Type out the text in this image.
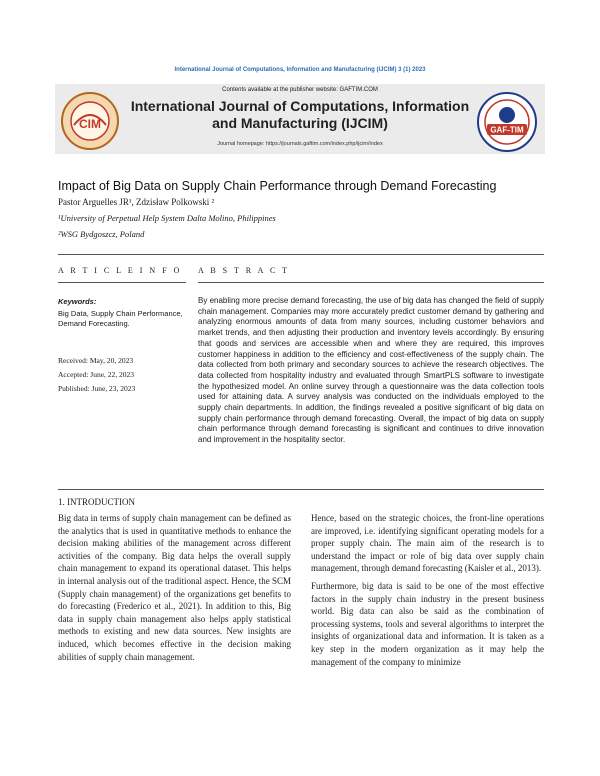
International Journal of Computations, Information and Manufacturing (IJCIM) 3 (1) 2023
CIM
Contents available at the publisher website: GAFTIM.COM
International Journal of Computations, Information and Manufacturing (IJCIM)
Journal homepage: https://journals.gaftim.com/index.php/ijcim/index
GAF-TIM
Impact of Big Data on Supply Chain Performance through Demand Forecasting
Pastor Arguelles JR¹, Zdzisław Polkowski ²
¹University of Perpetual Help System Dalta Molino, Philippines
²WSG Bydgoszcz, Poland
A R T I C L E I N F O A B S T R A C T
Keywords:
Big Data, Supply Chain Performance, Demand Forecasting.
Received: May, 20, 2023
Accepted: June, 22, 2023
Published: June, 23, 2023
By enabling more precise demand forecasting, the use of big data has changed the field of supply chain management. Companies may more accurately predict customer demand by gathering and analyzing enormous amounts of data from many sources, including customer behaviors and market trends, and then adjusting their production and inventory levels accordingly. By ensuring that goods and services are accessible when and where they are required, this improves customer happiness in addition to the efficiency and cost-effectiveness of the supply chain. The data collected from both primary and secondary sources to achieve the research objectives. The data collected from hospitality industry and evaluated through SmartPLS software to investigate the hypothesized model. An online survey through a questionnaire was the data collection tools used for attaining data. A survey analysis was conducted on the individuals employed to the supply chain departments. In addition, the findings revealed a positive significant of big data on supply chain performance through demand forecasting. Overall, the impact of big data on supply chain performance through demand forecasting is significant and continues to drive innovation and improvement in the hospitality sector.
1. INTRODUCTION

Big data in terms of supply chain management can be defined as the analytics that is used in quantitative methods to enhance the decision making abilities of the management across different activities of the company. Big data helps the overall supply chain management to expand its operational dataset. This helps in internal analysis out of the traditional aspect. Hence, the SCM (Supply chain management) of the organizations get benefits to do forecasting (Frederico et al., 2021). In addition to this, Big data in supply chain management also helps apply statistical methods to existing and new data sources. New insights are induced, which becomes effective in the decision making abilities of supply chain management.

Hence, based on the strategic choices, the front-line operations are improved, i.e. identifying significant operating models for a proper supply chain. The main aim of the research is to understand the impact or role of big data over supply chain management, through demand forecasting (Kaisler et al., 2013).

Furthermore, big data is said to be one of the most effective factors in the supply chain industry in the present business world. Big data can also be said as the combination of processing systems, tools and several algorithms to interpret the insights of organizational data and information. It is taken as a key step in the modern organization as it may help the management of the company to minimize
